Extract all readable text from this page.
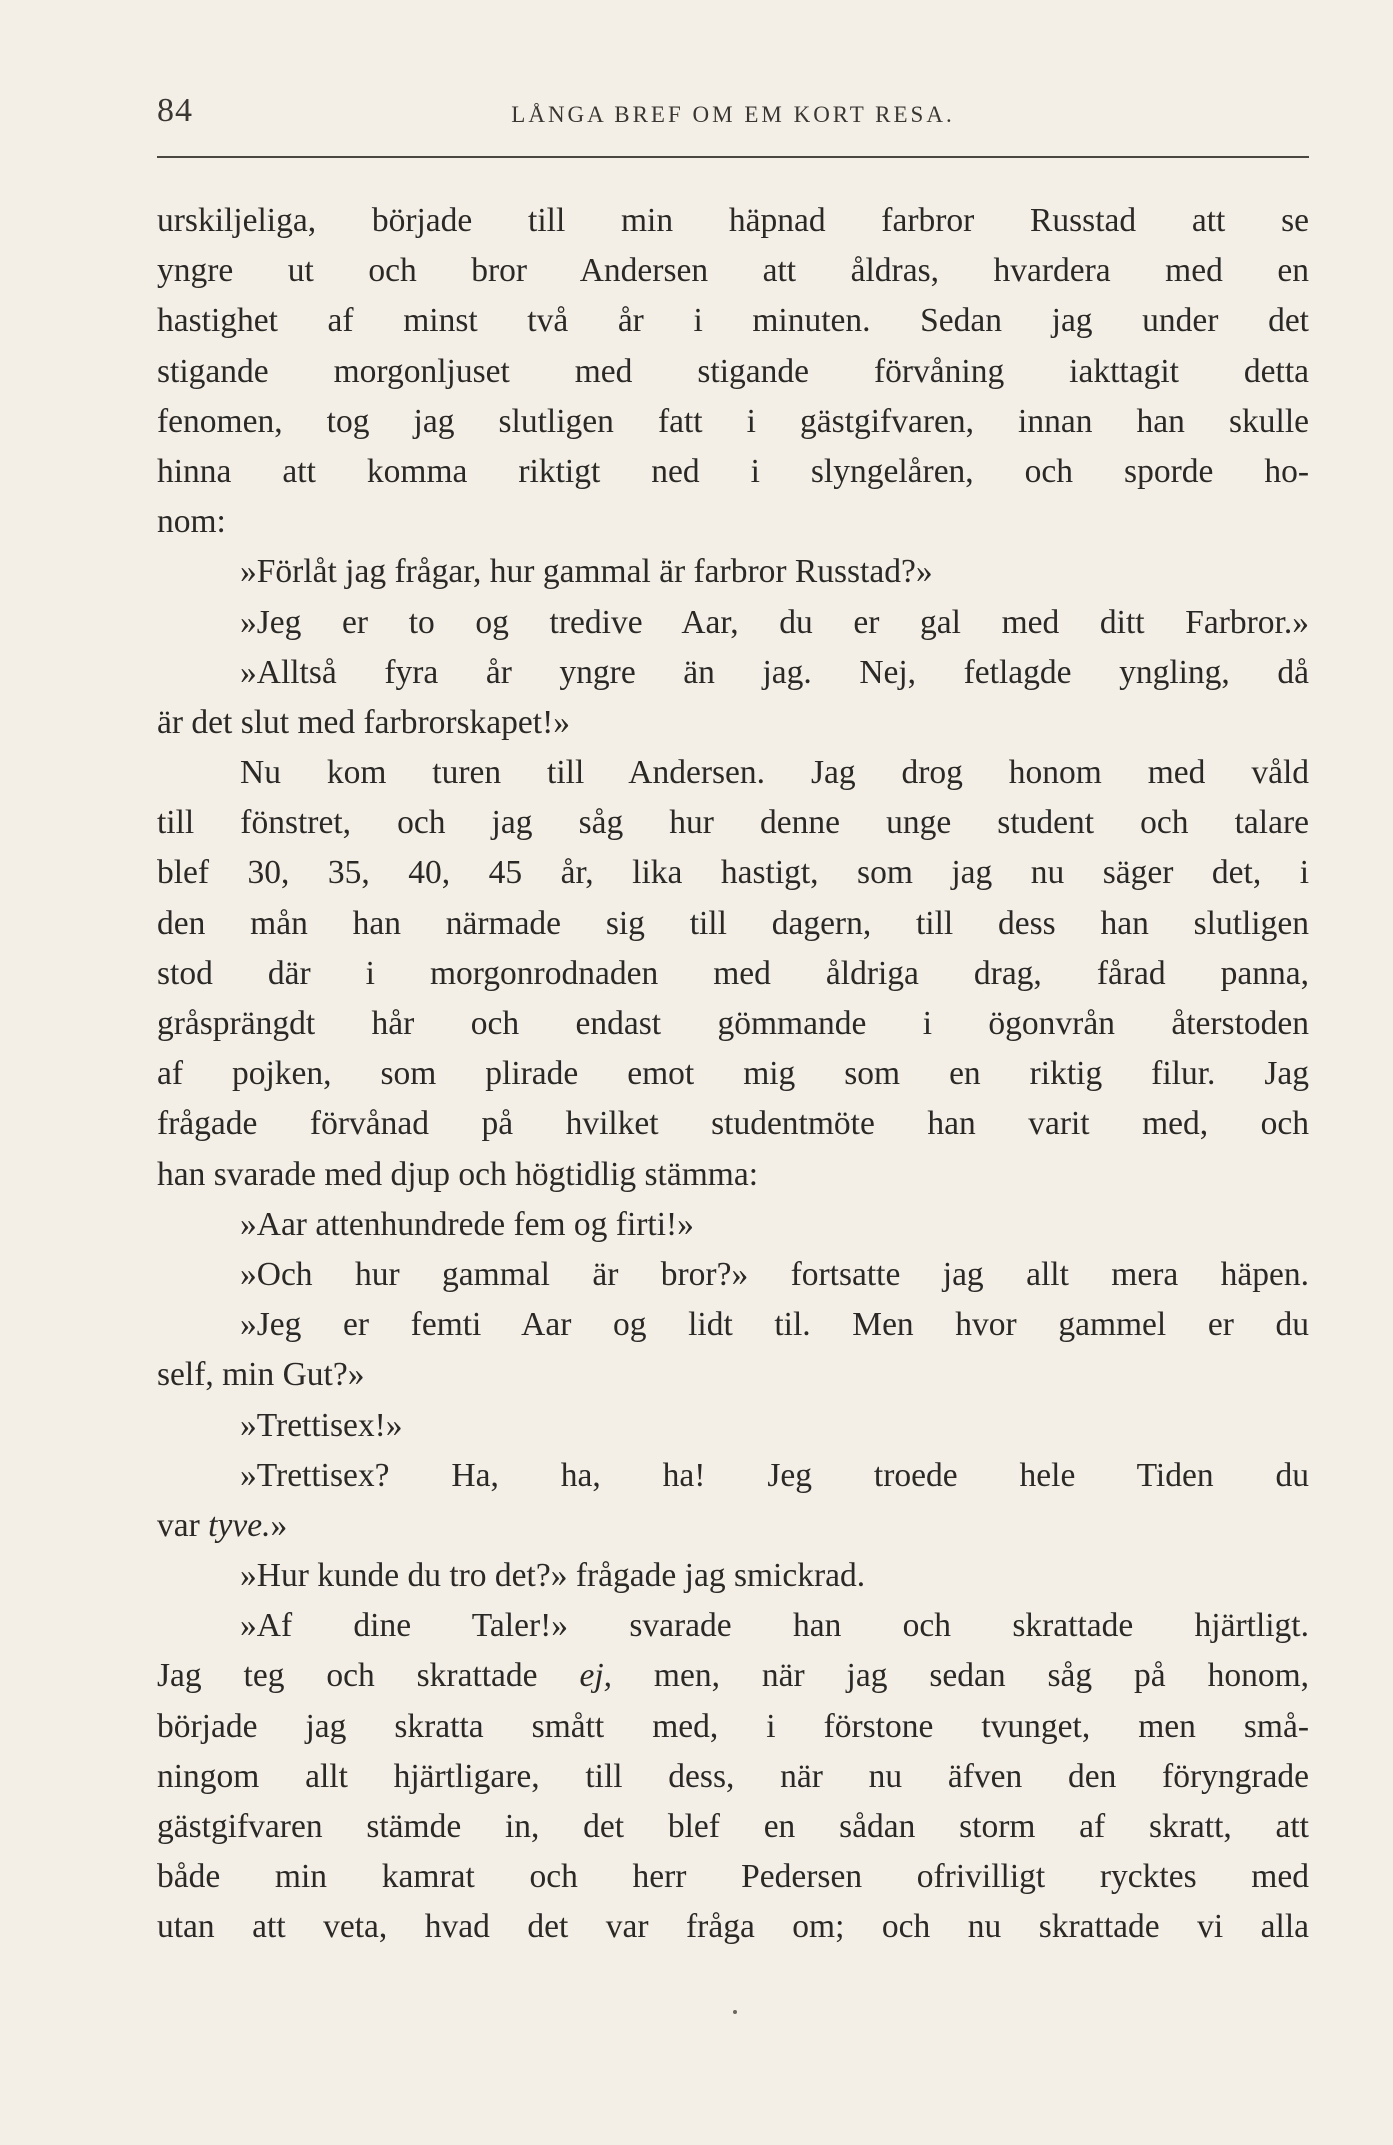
84	LÅNGA BREF OM EM KORT RESA.
urskiljeliga, började till min häpnad farbror Russtad att se
yngre ut och bror Andersen att åldras, hvardera med en
hastighet af minst två år i minuten. Sedan jag under det
stigande morgonljuset med stigande förvåning iakttagit detta
fenomen, tog jag slutligen fatt i gästgifvaren, innan han skulle
hinna att komma riktigt ned i slyngelåren, och sporde ho-
nom:
»Förlåt jag frågar, hur gammal är farbror Russtad?»
»Jeg er to og tredive Aar, du er gal med ditt Farbror.»
»Alltså fyra år yngre än jag. Nej, fetlagde yngling, då
är det slut med farbrorskapet!»
Nu kom turen till Andersen. Jag drog honom med våld
till fönstret, och jag såg hur denne unge student och talare
blef 30, 35, 40, 45 år, lika hastigt, som jag nu säger det, i
den mån han närmade sig till dagern, till dess han slutligen
stod där i morgonrodnaden med åldriga drag, fårad panna,
gråsprängdt hår och endast gömmande i ögonvrån återstoden
af pojken, som plirade emot mig som en riktig filur. Jag
frågade förvånad på hvilket studentmöte han varit med, och
han svarade med djup och högtidlig stämma:
»Aar attenhundrede fem og firti!»
»Och hur gammal är bror?» fortsatte jag allt mera häpen.
»Jeg er femti Aar og lidt til. Men hvor gammel er du
self, min Gut?»
»Trettisex!»
»Trettisex? Ha, ha, ha! Jeg troede hele Tiden du
var tyve.»
»Hur kunde du tro det?» frågade jag smickrad.
»Af dine Taler!» svarade han och skrattade hjärtligt.
Jag teg och skrattade ej, men, när jag sedan såg på honom,
började jag skratta smått med, i förstone tvunget, men små-
ningom allt hjärtligare, till dess, när nu äfven den föryngrade
gästgifvaren stämde in, det blef en sådan storm af skratt, att
både min kamrat och herr Pedersen ofrivilligt rycktes med
utan att veta, hvad det var fråga om; och nu skrattade vi alla
